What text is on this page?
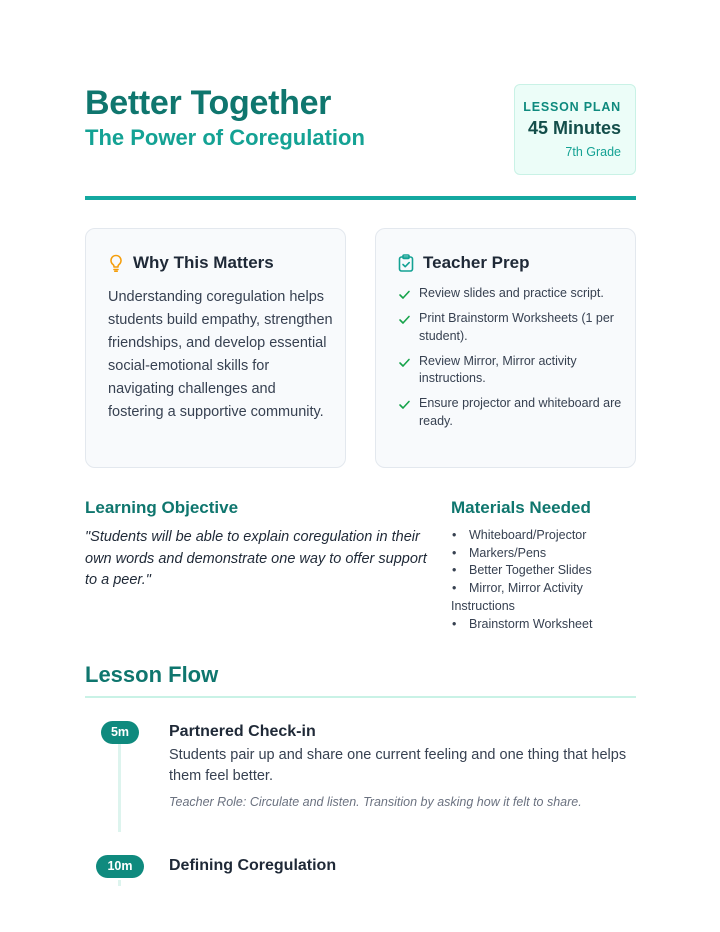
Better Together
The Power of Coregulation
LESSON PLAN
45 Minutes
7th Grade
Why This Matters
Understanding coregulation helps students build empathy, strengthen friendships, and develop essential social-emotional skills for navigating challenges and fostering a supportive community.
Teacher Prep
Review slides and practice script.
Print Brainstorm Worksheets (1 per student).
Review Mirror, Mirror activity instructions.
Ensure projector and whiteboard are ready.
Learning Objective
"Students will be able to explain coregulation in their own words and demonstrate one way to offer support to a peer."
Materials Needed
• Whiteboard/Projector
• Markers/Pens
• Better Together Slides
• Mirror, Mirror Activity Instructions
• Brainstorm Worksheet
Lesson Flow
5m	Partnered Check-in
Students pair up and share one current feeling and one thing that helps them feel better.
Teacher Role: Circulate and listen. Transition by asking how it felt to share.
10m	Defining Coregulation
